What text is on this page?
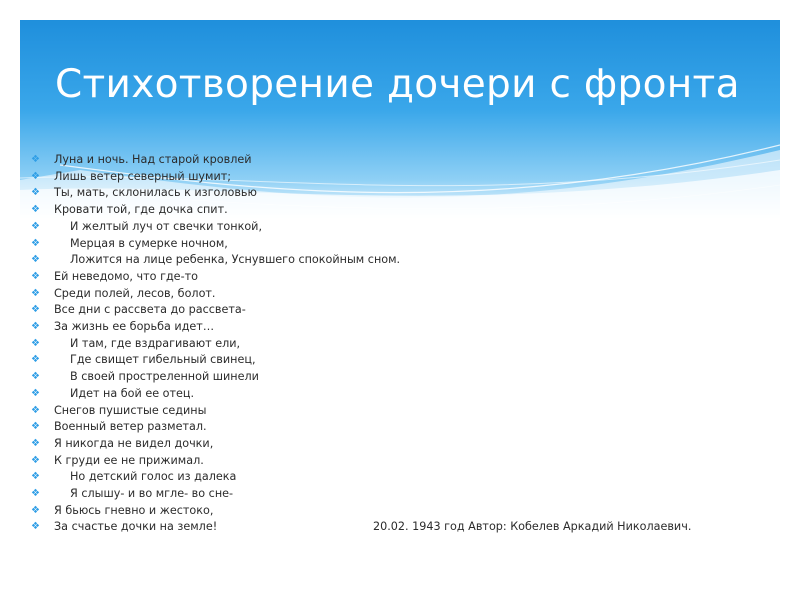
Стихотворение дочери с фронта
❖ Луна и ночь. Над старой кровлей
❖ Лишь ветер северный шумит;
❖ Ты, мать, склонилась к изголовью
❖ Кровати той, где дочка спит.
❖	И желтый луч от свечки тонкой,
❖	Мерцая в сумерке ночном,
❖	Ложится на лице ребенка, Уснувшего спокойным сном.
❖ Ей неведомо, что где-то
❖ Среди полей, лесов, болот.
❖ Все дни с рассвета до рассвета-
❖ За жизнь ее борьба идет…
❖	И там, где вздрагивают ели,
❖	Где свищет гибельный свинец,
❖	В своей простреленной шинели
❖	Идет на бой ее отец.
❖ Снегов пушистые седины
❖ Военный ветер разметал.
❖ Я никогда не видел дочки,
❖ К груди ее не прижимал.
❖	Но детский голос из далека
❖	Я слышу- и во мгле- во сне-
❖ Я бьюсь гневно и жестоко,
❖ За счастье дочки на земле!	20.02. 1943 год Автор: Кобелев Аркадий Николаевич.
